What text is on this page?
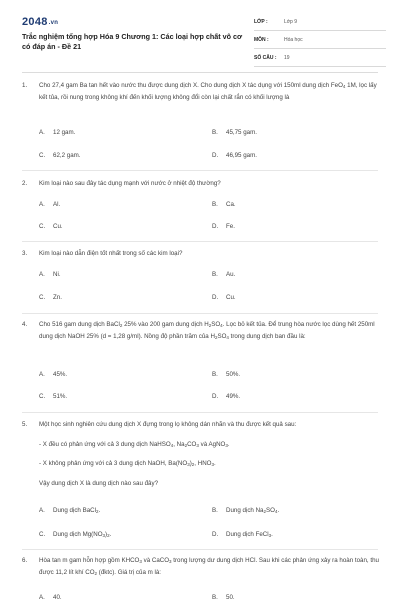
2048.vn
Trắc nghiệm tổng hợp Hóa 9 Chương 1: Các loại hợp chất vô cơ có đáp án - Đề 21
LỚP :	Lớp 9
MÔN :	Hóa học
SỐ CÂU : 19
1. Cho 27,4 gam Ba tan hết vào nước thu được dung dịch X. Cho dung dịch X tác dụng với 150ml dung dịch FeO$_4$ 1M, lọc lấy kết tủa, rồi nung trong không khí đến khối lượng không đổi còn lại chất rắn có khối lượng là
A. 12 gam.	B. 45,75 gam.
C. 62,2 gam.	D. 46,95 gam.
2. Kim loại nào sau đây tác dụng mạnh với nước ở nhiệt độ thường?
A. Al.	B. Ca.
C. Cu.	D. Fe.
3. Kim loại nào dẫn điện tốt nhất trong số các kim loại?
A. Ni.	B. Au.
C. Zn.	D. Cu.
4. Cho 516 gam dung dịch BaCl$_2$ 25% vào 200 gam dung dịch $H_2SO_4$. Lọc bỏ kết tủa. Để trung hòa nước lọc dùng hết 250ml dung dịch NaOH 25% (d = 1,28 g/ml). Nồng độ phần trăm của $H_2SO_4$ trong dung dịch ban đầu là:
A. 45%.	B. 50%.
C. 51%.	D. 49%.
5. Một học sinh nghiên cứu dung dịch X đựng trong lọ không dán nhãn và thu được kết quả sau:
- X đều có phản ứng với cả 3 dung dịch NaHSO$_4$, $Na_2CO_3$ và AgNO$_3$.
- X không phản ứng với cả 3 dung dịch NaOH, $Ba(NO_3)_2$, $HNO_3$.
Vậy dung dịch X là dung dịch nào sau đây?
A. Dung dịch BaCl$_2$.	B. Dung dịch $Na_2SO_4$.
C. Dung dịch $Mg(NO_3)_2$.	D. Dung dịch FeCl$_3$.
6. Hòa tan m gam hỗn hợp gồm $KHCO_3$ và CaCO$_3$ trong lượng dư dung dịch HCl. Sau khi các phản ứng xảy ra hoàn toàn, thu được 11,2 lít khí $CO_2$ (đktc). Giá trị của m là:
A. 40.	B. 50.
